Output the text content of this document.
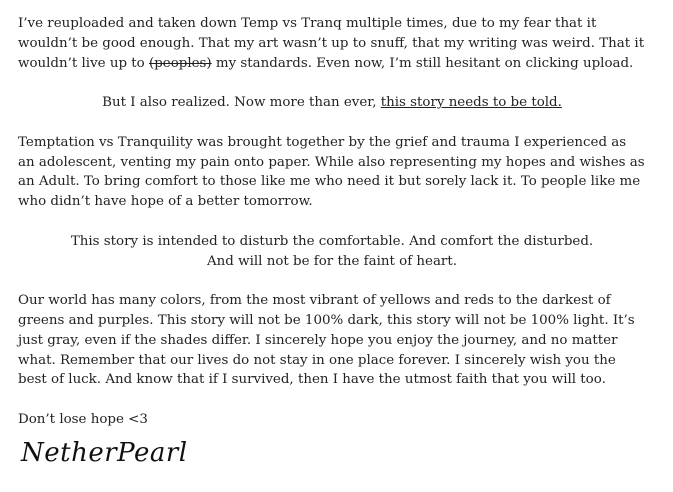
I’ve reuploaded and taken down Temp vs Tranq multiple times, due to my fear that it wouldn’t be good enough. That my art wasn’t up to snuff, that my writing was weird. That it wouldn’t live up to (peoples) my standards. Even now, I’m still hesitant on clicking upload.

But I also realized. Now more than ever, this story needs to be told.

Temptation vs Tranquility was brought together by the grief and trauma I experienced as an adolescent, venting my pain onto paper. While also representing my hopes and wishes as an Adult. To bring comfort to those like me who need it but sorely lack it. To people like me who didn’t have hope of a better tomorrow.

This story is intended to disturb the comfortable. And comfort the disturbed.
And will not be for the faint of heart.

Our world has many colors, from the most vibrant of yellows and reds to the darkest of greens and purples. This story will not be 100% dark, this story will not be 100% light. It’s just gray, even if the shades differ. I sincerely hope you enjoy the journey, and no matter what. Remember that our lives do not stay in one place forever. I sincerely wish you the best of luck. And know that if I survived, then I have the utmost faith that you will too.

Don’t lose hope <3

NetherPearl
